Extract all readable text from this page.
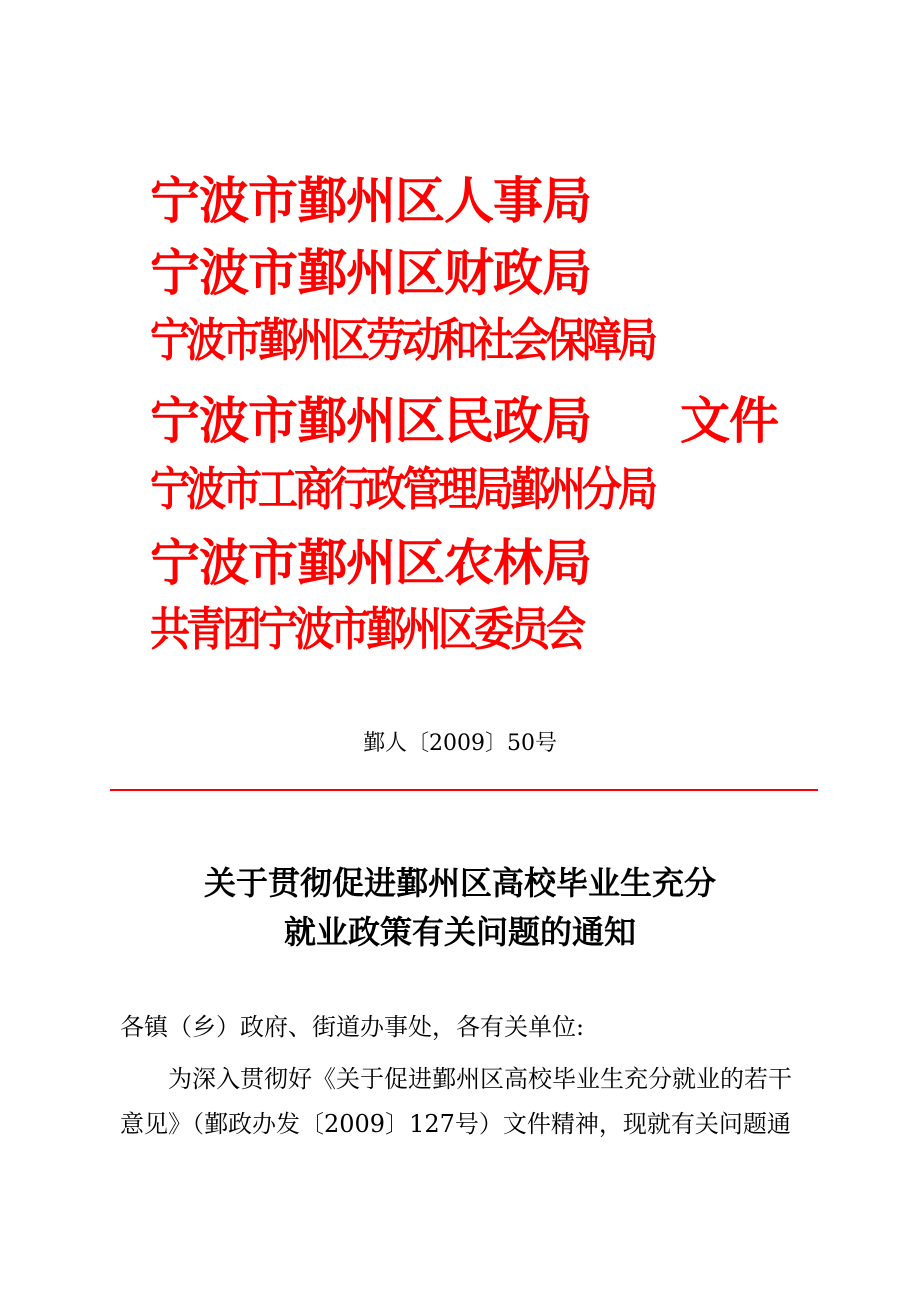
宁波市鄞州区人事局
宁波市鄞州区财政局
宁波市鄞州区劳动和社会保障局
宁波市鄞州区民政局 文件
宁波市工商行政管理局鄞州分局
宁波市鄞州区农林局
共青团宁波市鄞州区委员会
鄞人〔2009〕50号
关于贯彻促进鄞州区高校毕业生充分
就业政策有关问题的通知
各镇（乡）政府、街道办事处，各有关单位:
为深入贯彻好《关于促进鄞州区高校毕业生充分就业的若干
意见》（鄞政办发〔2009〕127号）文件精神，现就有关问题通
